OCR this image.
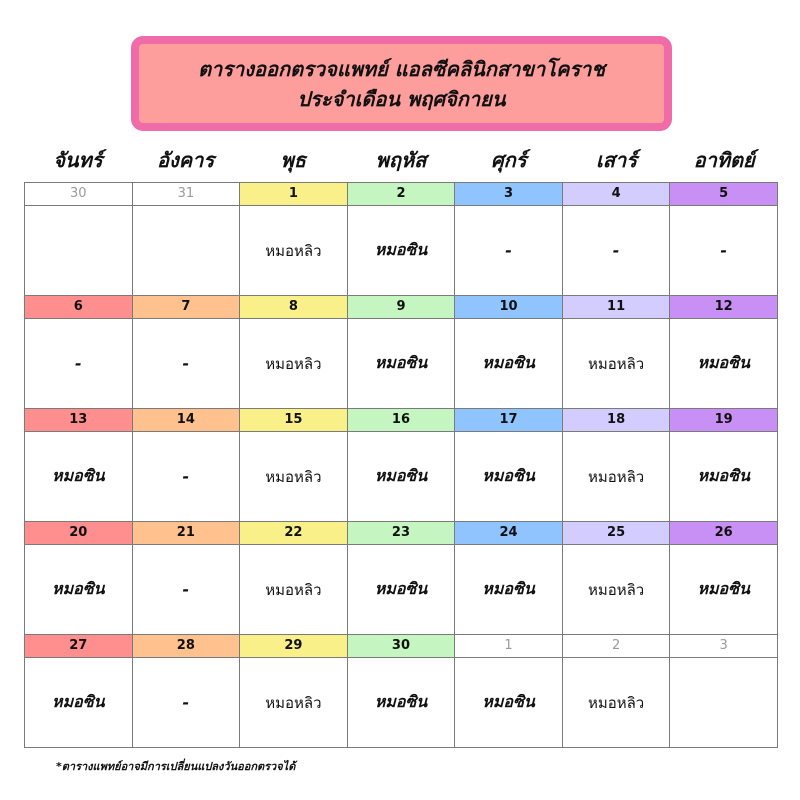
ตารางออกตรวจแพทย์ แอลซีคลินิกสาขาโคราช
ประจำเดือน พฤศจิกายน
จันทร์	อังคาร	พุธ	พฤหัส	ศุกร์	เสาร์	อาทิตย์
30	31	1	2	3	4	5
		หมอหลิว	หมอซิน	-	-	-
6	7	8	9	10	11	12
-	-	หมอหลิว	หมอซิน	หมอซิน	หมอหลิว	หมอซิน
13	14	15	16	17	18	19
หมอซิน	-	หมอหลิว	หมอซิน	หมอซิน	หมอหลิว	หมอซิน
20	21	22	23	24	25	26
หมอซิน	-	หมอหลิว	หมอซิน	หมอซิน	หมอหลิว	หมอซิน
27	28	29	30	1	2	3
หมอซิน	-	หมอหลิว	หมอซิน	หมอซิน	หมอหลิว	
*ตารางแพทย์อาจมีการเปลี่ยนแปลงวันออกตรวจได้
